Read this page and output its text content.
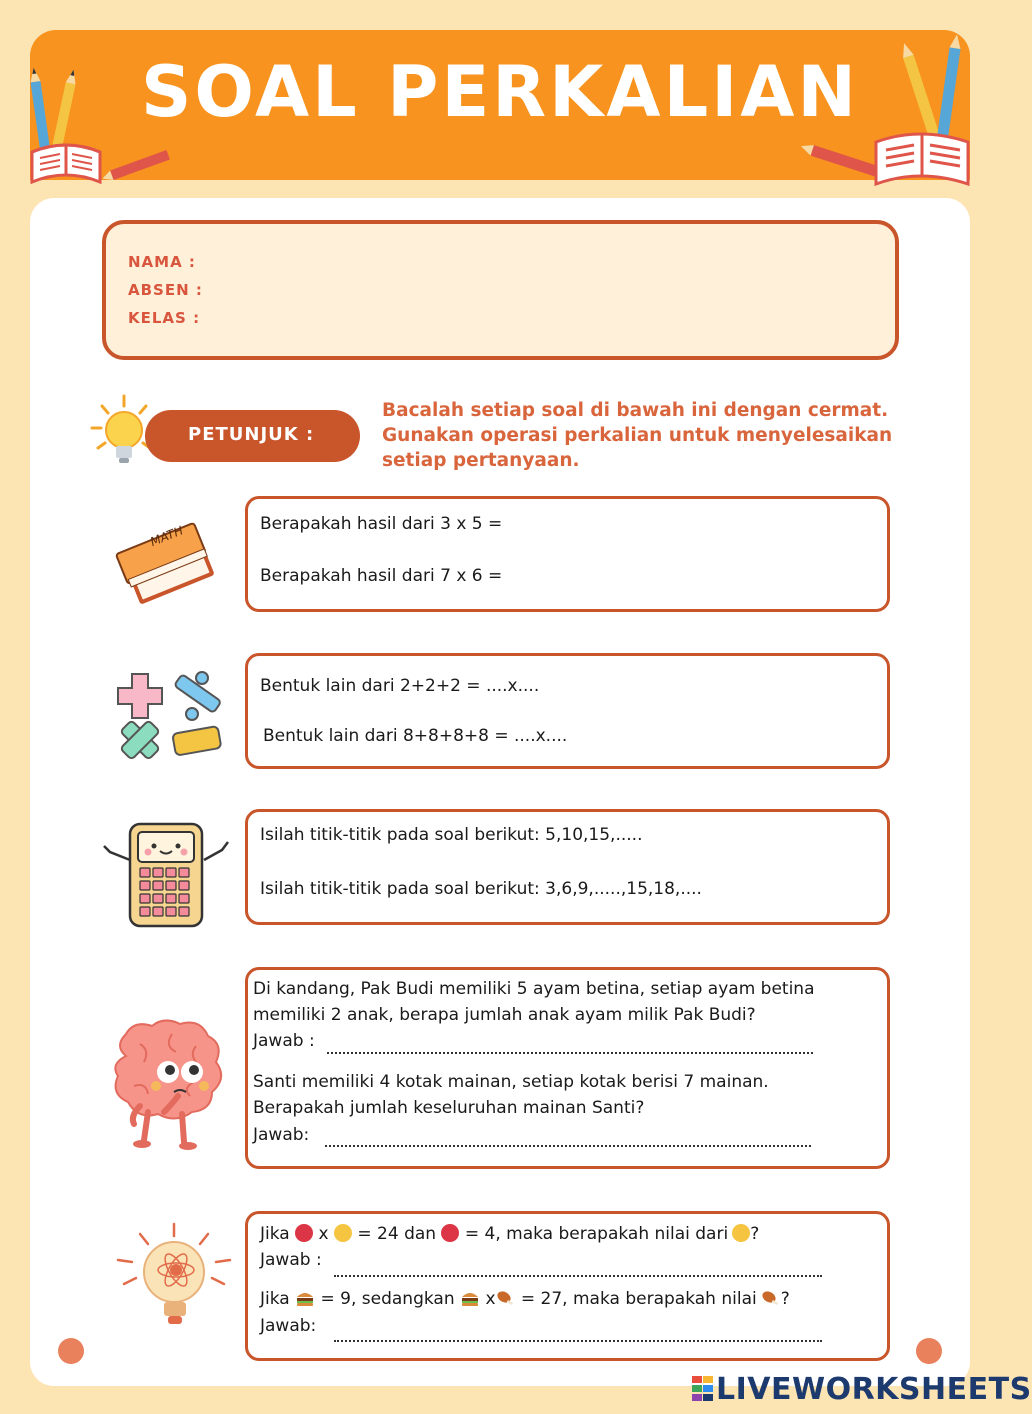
SOAL PERKALIAN
NAMA :
ABSEN :
KELAS :
PETUNJUK :
Bacalah setiap soal di bawah ini dengan cermat.
Gunakan operasi perkalian untuk menyelesaikan
setiap pertanyaan.
MATH	Berapakah hasil dari 3 x 5 =
Berapakah hasil dari 7 x 6 =
Bentuk lain dari 2+2+2 = ....x....
Bentuk lain dari 8+8+8+8 = ....x....
Isilah titik-titik pada soal berikut: 5,10,15,.....
Isilah titik-titik pada soal berikut: 3,6,9,.....,15,18,....
Di kandang, Pak Budi memiliki 5 ayam betina, setiap ayam betina
memiliki 2 anak, berapa jumlah anak ayam milik Pak Budi?
Jawab :
Santi memiliki 4 kotak mainan, setiap kotak berisi 7 mainan.
Berapakah jumlah keseluruhan mainan Santi?
Jawab:
Jika x = 24 dan = 4, maka berapakah nilai dari ?
Jawab :
Jika = 9, sedangkan x = 27, maka berapakah nilai ?
Jawab:
LIVEWORKSHEETS
